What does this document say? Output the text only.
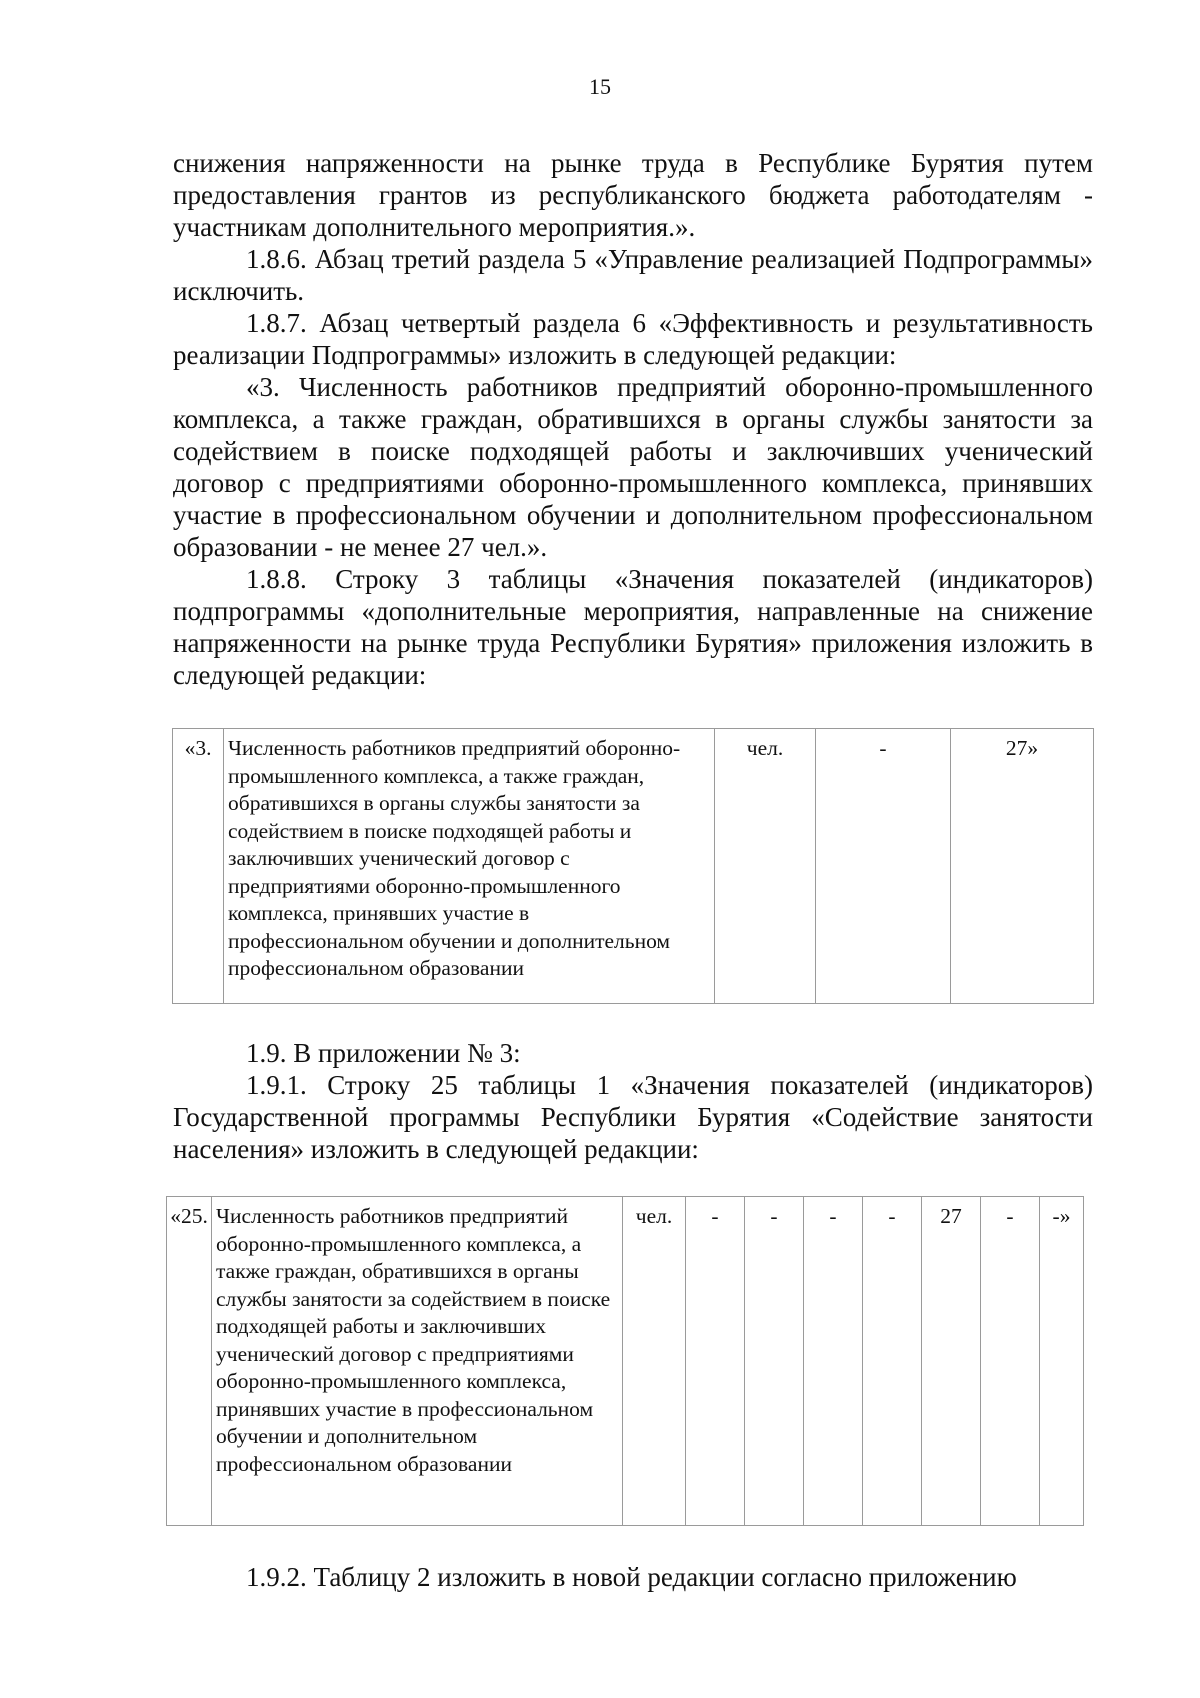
15

снижения напряженности на рынке труда в Республике Бурятия путем предоставления грантов из республиканского бюджета работодателям - участникам дополнительного мероприятия.».

1.8.6. Абзац третий раздела 5 «Управление реализацией Подпрограммы» исключить.

1.8.7. Абзац четвертый раздела 6 «Эффективность и результативность реализации Подпрограммы» изложить в следующей редакции:

«3. Численность работников предприятий оборонно-промышленного комплекса, а также граждан, обратившихся в органы службы занятости за содействием в поиске подходящей работы и заключивших ученический договор с предприятиями оборонно-промышленного комплекса, принявших участие в профессиональном обучении и дополнительном профессиональном образовании - не менее 27 чел.».

1.8.8. Строку 3 таблицы «Значения показателей (индикаторов) подпрограммы «дополнительные мероприятия, направленные на снижение напряженности на рынке труда Республики Бурятия» приложения изложить в следующей редакции:

«3.	Численность работников предприятий оборонно-промышленного комплекса, а также граждан, обратившихся в органы службы занятости за содействием в поиске подходящей работы и заключивших ученический договор с предприятиями оборонно-промышленного комплекса, принявших участие в профессиональном обучении и дополнительном профессиональном образовании	чел.	-	27»

1.9. В приложении № 3:

1.9.1. Строку 25 таблицы 1 «Значения показателей (индикаторов) Государственной программы Республики Бурятия «Содействие занятости населения» изложить в следующей редакции:

«25.	Численность работников предприятий оборонно-промышленного комплекса, а также граждан, обратившихся в органы службы занятости за содействием в поиске подходящей работы и заключивших ученический договор с предприятиями оборонно-промышленного комплекса, принявших участие в профессиональном обучении и дополнительном профессиональном образовании	чел.	-	-	-	-	27	-	-»

1.9.2. Таблицу 2 изложить в новой редакции согласно приложению
